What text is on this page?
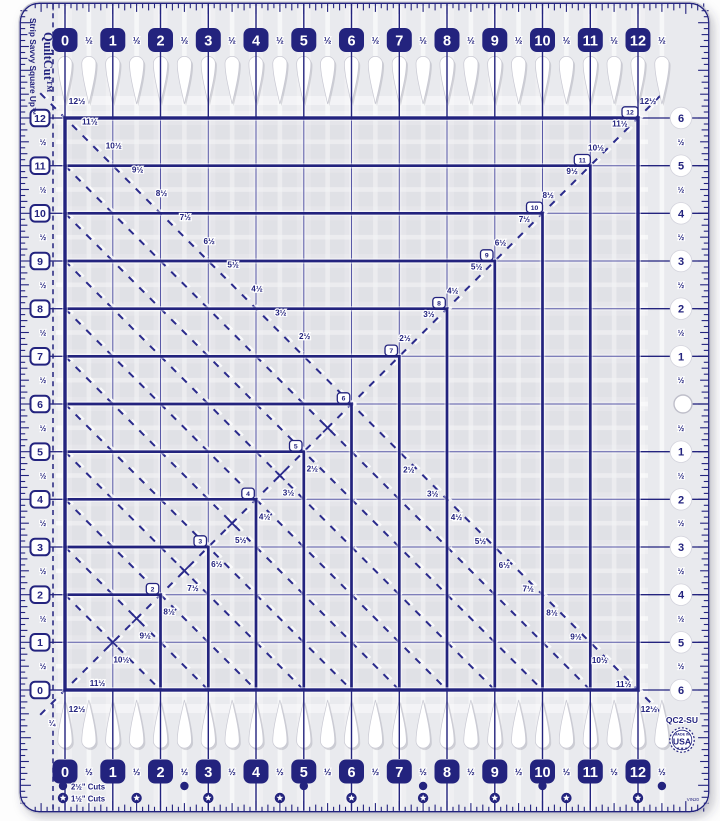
2
3
4
5
6
7
8
9
10
11
12
11½
10½
9½
8½
7½
6½
5½
4½
3½
2½
11½
10½
9½
8½
7½
6½
5½
4½
3½
2½
11½
10½
9½
8½
7½
6½
5½
4½
3½
2½
11½
10½
9½
8½
7½
6½
5½
4½
3½
2½
12½	12½
12½	12½
¼
0 ½ 1 ½ 2 ½ 3 ½ 4 ½ 5 ½ 6 ½ 7 ½ 8 ½ 9 ½ 10 ½ 11 ½ 12 ½
0 ½ 1 ½ 2 ½ 3 ½ 4 ½ 5 ½ 6 ½ 7 ½ 8 ½ 9 ½ 10 ½ 11 ½ 12 ½
12
½
11
½
10
½
9
½
8
½
7
½
6
½
5
½
4
½
3
½
2
½
1
½
0
6
5
4
3
2
1
1
2
3
4
5
6
½
½
½
½
½
½
½
½
½
½
½
½
2½" Cuts
1½" Cuts
Strip Savvy Square Up™ QuiltCut™
QC2-SU
MADE IN
USA
★ ★ ★
VIN20
